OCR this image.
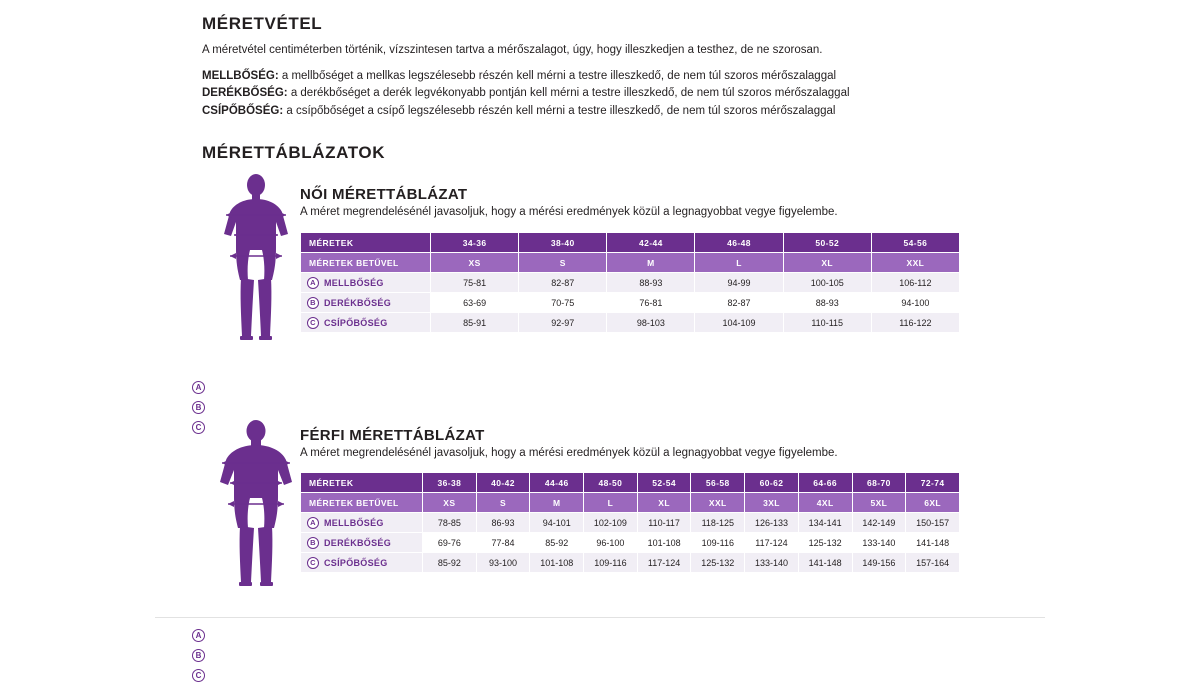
MÉRETVÉTEL

A méretvétel centiméterben történik, vízszintesen tartva a mérőszalagot, úgy, hogy illeszkedjen a testhez, de ne szorosan.

MELLBŐSÉG: a mellbőséget a mellkas legszélesebb részén kell mérni a testre illeszkedő, de nem túl szoros mérőszalaggal

DERÉKBŐSÉG: a derékbőséget a derék legvékonyabb pontján kell mérni a testre illeszkedő, de nem túl szoros mérőszalaggal

CSÍPŐBŐSÉG: a csípőbőséget a csípő legszélesebb részén kell mérni a testre illeszkedő, de nem túl szoros mérőszalaggal

MÉRETTÁBLÁZATOK
NŐI MÉRETTÁBLÁZAT
A méret megrendelésénél javasoljuk, hogy a mérési eredmények közül a legnagyobbat vegye figyelembe.
A
B
C
MÉRETEK	34-36	38-40	42-44	46-48	50-52	54-56
MÉRETEK BETŰVEL	XS	S	M	L	XL	XXL
A MELLBŐSÉG	75-81	82-87	88-93	94-99	100-105	106-112
B DERÉKBŐSÉG	63-69	70-75	76-81	82-87	88-93	94-100
C CSÍPŐBŐSÉG	85-91	92-97	98-103	104-109	110-115	116-122
FÉRFI MÉRETTÁBLÁZAT
A méret megrendelésénél javasoljuk, hogy a mérési eredmények közül a legnagyobbat vegye figyelembe.
A
B
C
MÉRETEK	36-38	40-42	44-46	48-50	52-54	56-58	60-62	64-66	68-70	72-74
MÉRETEK BETŰVEL	XS	S	M	L	XL	XXL	3XL	4XL	5XL	6XL
A MELLBŐSÉG	78-85	86-93	94-101	102-109	110-117	118-125	126-133	134-141	142-149	150-157
B DERÉKBŐSÉG	69-76	77-84	85-92	96-100	101-108	109-116	117-124	125-132	133-140	141-148
C CSÍPŐBŐSÉG	85-92	93-100	101-108	109-116	117-124	125-132	133-140	141-148	149-156	157-164
